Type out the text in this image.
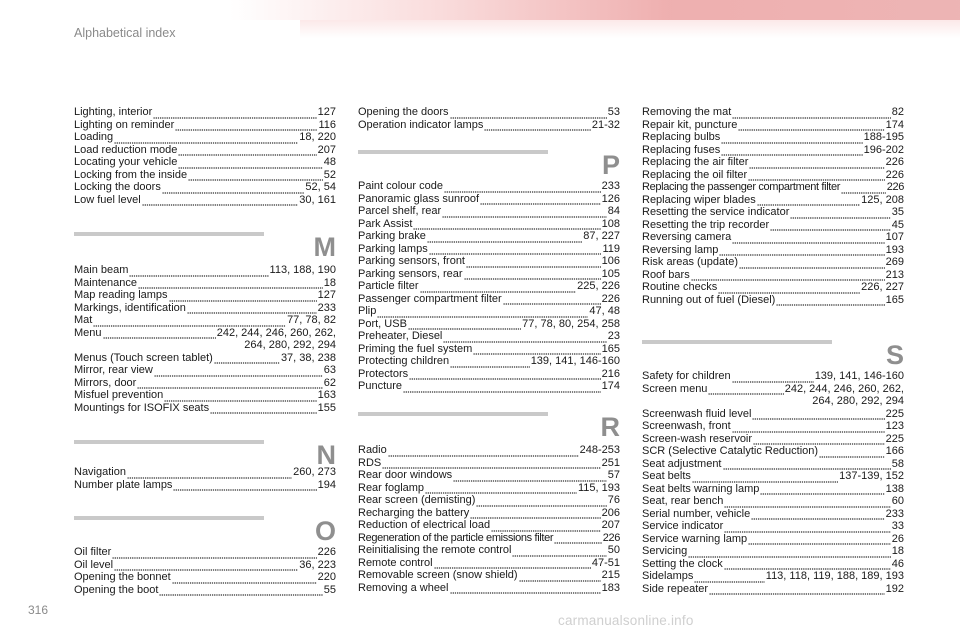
Alphabetical index
Lighting, interior	127
Lighting on reminder	116
Loading	18, 220
Load reduction mode	207
Locating your vehicle	48
Locking from the inside	52
Locking the doors	52, 54
Low fuel level	30, 161
M
Main beam	113, 188, 190
Maintenance	18
Map reading lamps	127
Markings, identification	233
Mat	77, 78, 82
Menu	242, 244, 246, 260, 262,
264, 280, 292, 294
Menus (Touch screen tablet)	37, 38, 238
Mirror, rear view	63
Mirrors, door	62
Misfuel prevention	163
Mountings for ISOFIX seats	155
N
Navigation	260, 273
Number plate lamps	194
O
Oil filter	226
Oil level	36, 223
Opening the bonnet	220
Opening the boot	55
Opening the doors	53
Operation indicator lamps	21-32
P
Paint colour code	233
Panoramic glass sunroof	126
Parcel shelf, rear	84
Park Assist	108
Parking brake	87, 227
Parking lamps	119
Parking sensors, front	106
Parking sensors, rear	105
Particle filter	225, 226
Passenger compartment filter	226
Plip	47, 48
Port, USB	77, 78, 80, 254, 258
Preheater, Diesel	23
Priming the fuel system	165
Protecting children	139, 141, 146-160
Protectors	216
Puncture	174
R
Radio	248-253
RDS	251
Rear door windows	57
Rear foglamp	115, 193
Rear screen (demisting)	76
Recharging the battery	206
Reduction of electrical load	207
Regeneration of the particle emissions filter	226
Reinitialising the remote control	50
Remote control	47-51
Removable screen (snow shield)	215
Removing a wheel	183
Removing the mat	82
Repair kit, puncture	174
Replacing bulbs	188-195
Replacing fuses	196-202
Replacing the air filter	226
Replacing the oil filter	226
Replacing the passenger compartment filter	226
Replacing wiper blades	125, 208
Resetting the service indicator	35
Resetting the trip recorder	45
Reversing camera	107
Reversing lamp	193
Risk areas (update)	269
Roof bars	213
Routine checks	226, 227
Running out of fuel (Diesel)	165
S
Safety for children	139, 141, 146-160
Screen menu	242, 244, 246, 260, 262,
264, 280, 292, 294
Screenwash fluid level	225
Screenwash, front	123
Screen-wash reservoir	225
SCR (Selective Catalytic Reduction)	166
Seat adjustment	58
Seat belts	137-139, 152
Seat belts warning lamp	138
Seat, rear bench	60
Serial number, vehicle	233
Service indicator	33
Service warning lamp	26
Servicing	18
Setting the clock	46
Sidelamps	113, 118, 119, 188, 189, 193
Side repeater	192
316
carmanualsonline.info
